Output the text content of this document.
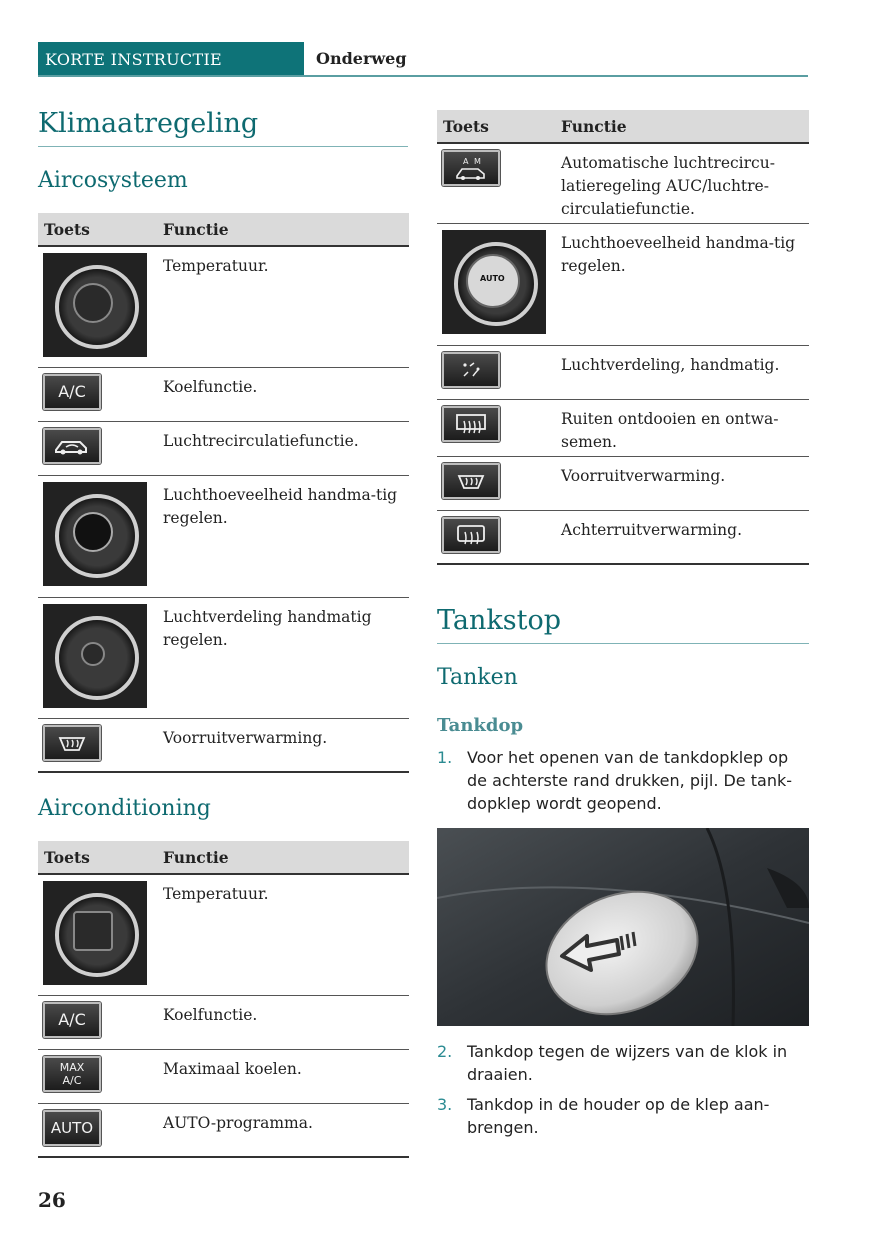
KORTE INSTRUCTIE	Onderweg
Klimaatregeling
Aircosysteem
Toets	Functie

	Temperatuur.

A/C	Koelfunctie.

	Luchtrecirculatiefunctie.

	Luchthoeveelheid handma-tig regelen.

	Luchtverdeling handmatig regelen.

	Voorruitverwarming.
Airconditioning
Toets	Functie

	Temperatuur.

A/C	Koelfunctie.

MAX
A/C	Maximaal koelen.

AUTO	AUTO-programma.
Toets	Functie

A M	Automatische luchtrecircu-latieregeling AUC/luchtre-circulatiefunctie.

AUTO	Luchthoeveelheid handma-tig regelen.

	Luchtverdeling, handmatig.

	Ruiten ontdooien en ontwa-semen.

	Voorruitverwarming.

	Achterruitverwarming.
Tankstop
Tanken
Tankdop
1. Voor het openen van de tankdopklep op de achterste rand drukken, pijl. De tank-dopklep wordt geopend.
2. Tankdop tegen de wijzers van de klok in draaien.
3. Tankdop in de houder op de klep aan-brengen.
26
